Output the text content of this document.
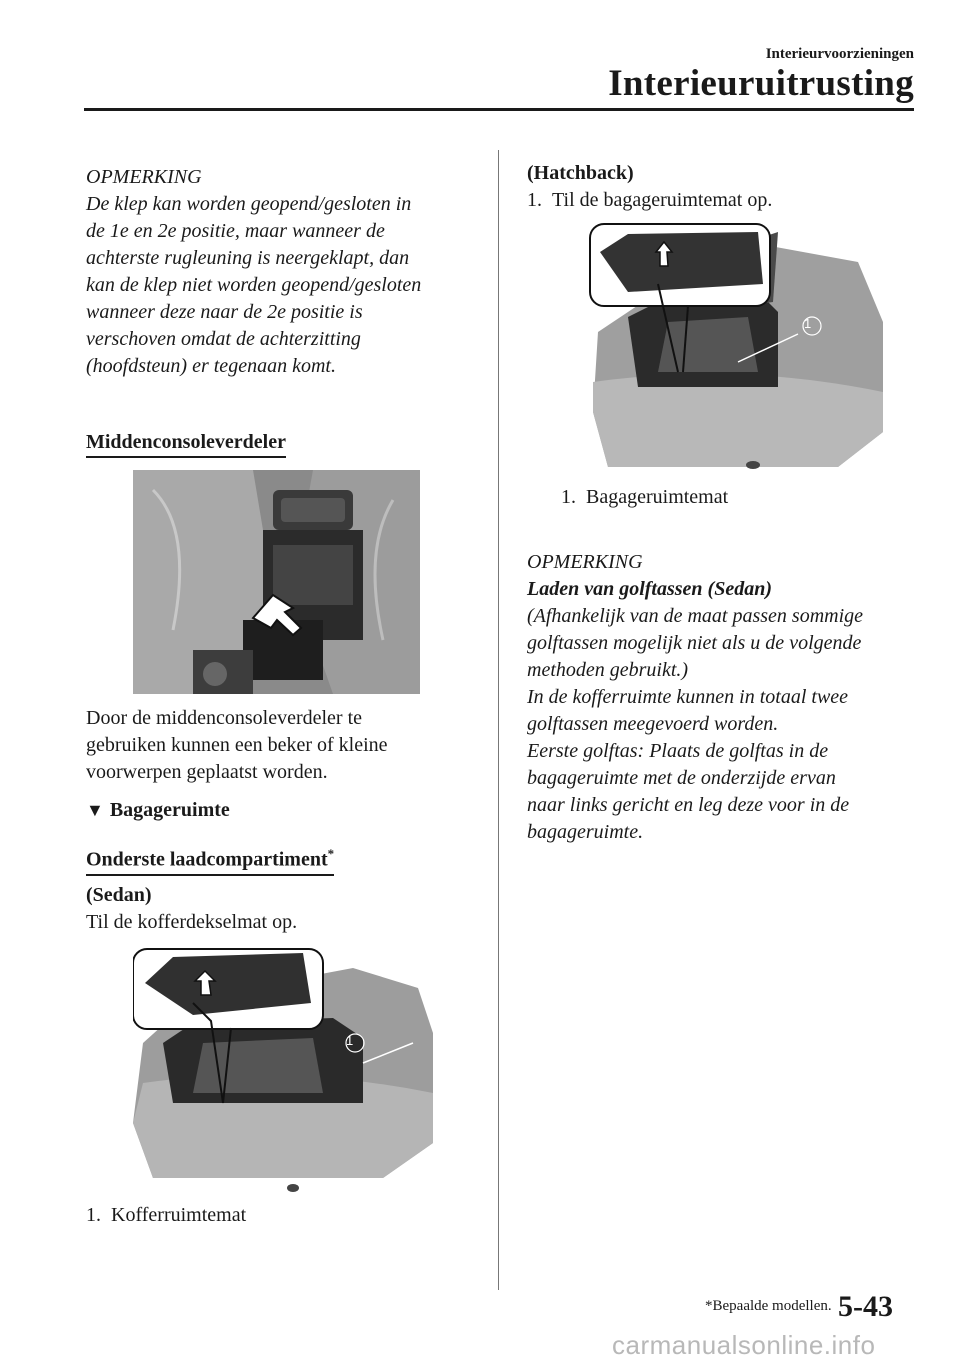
Interieurvoorzieningen
Interieuruitrusting
OPMERKING
De klep kan worden geopend/gesloten in
de 1e en 2e positie, maar wanneer de
achterste rugleuning is neergeklapt, dan
kan de klep niet worden geopend/gesloten
wanneer deze naar de 2e positie is
verschoven omdat de achterzitting
(hoofdsteun) er tegenaan komt.
Middenconsoleverdeler
Door de middenconsoleverdeler te
gebruiken kunnen een beker of kleine
voorwerpen geplaatst worden.
▼ Bagageruimte
Onderste laadcompartiment*
(Sedan)
Til de kofferdekselmat op.
1
1. Kofferruimtemat
(Hatchback)
1. Til de bagageruimtemat op.
1
1. Bagageruimtemat
OPMERKING
Laden van golftassen (Sedan)
(Afhankelijk van de maat passen sommige
golftassen mogelijk niet als u de volgende
methoden gebruikt.)
In de kofferruimte kunnen in totaal twee
golftassen meegevoerd worden.
Eerste golftas: Plaats de golftas in de
bagageruimte met de onderzijde ervan
naar links gericht en leg deze voor in de
bagageruimte.
*Bepaalde modellen. 5-43
carmanualsonline.info
